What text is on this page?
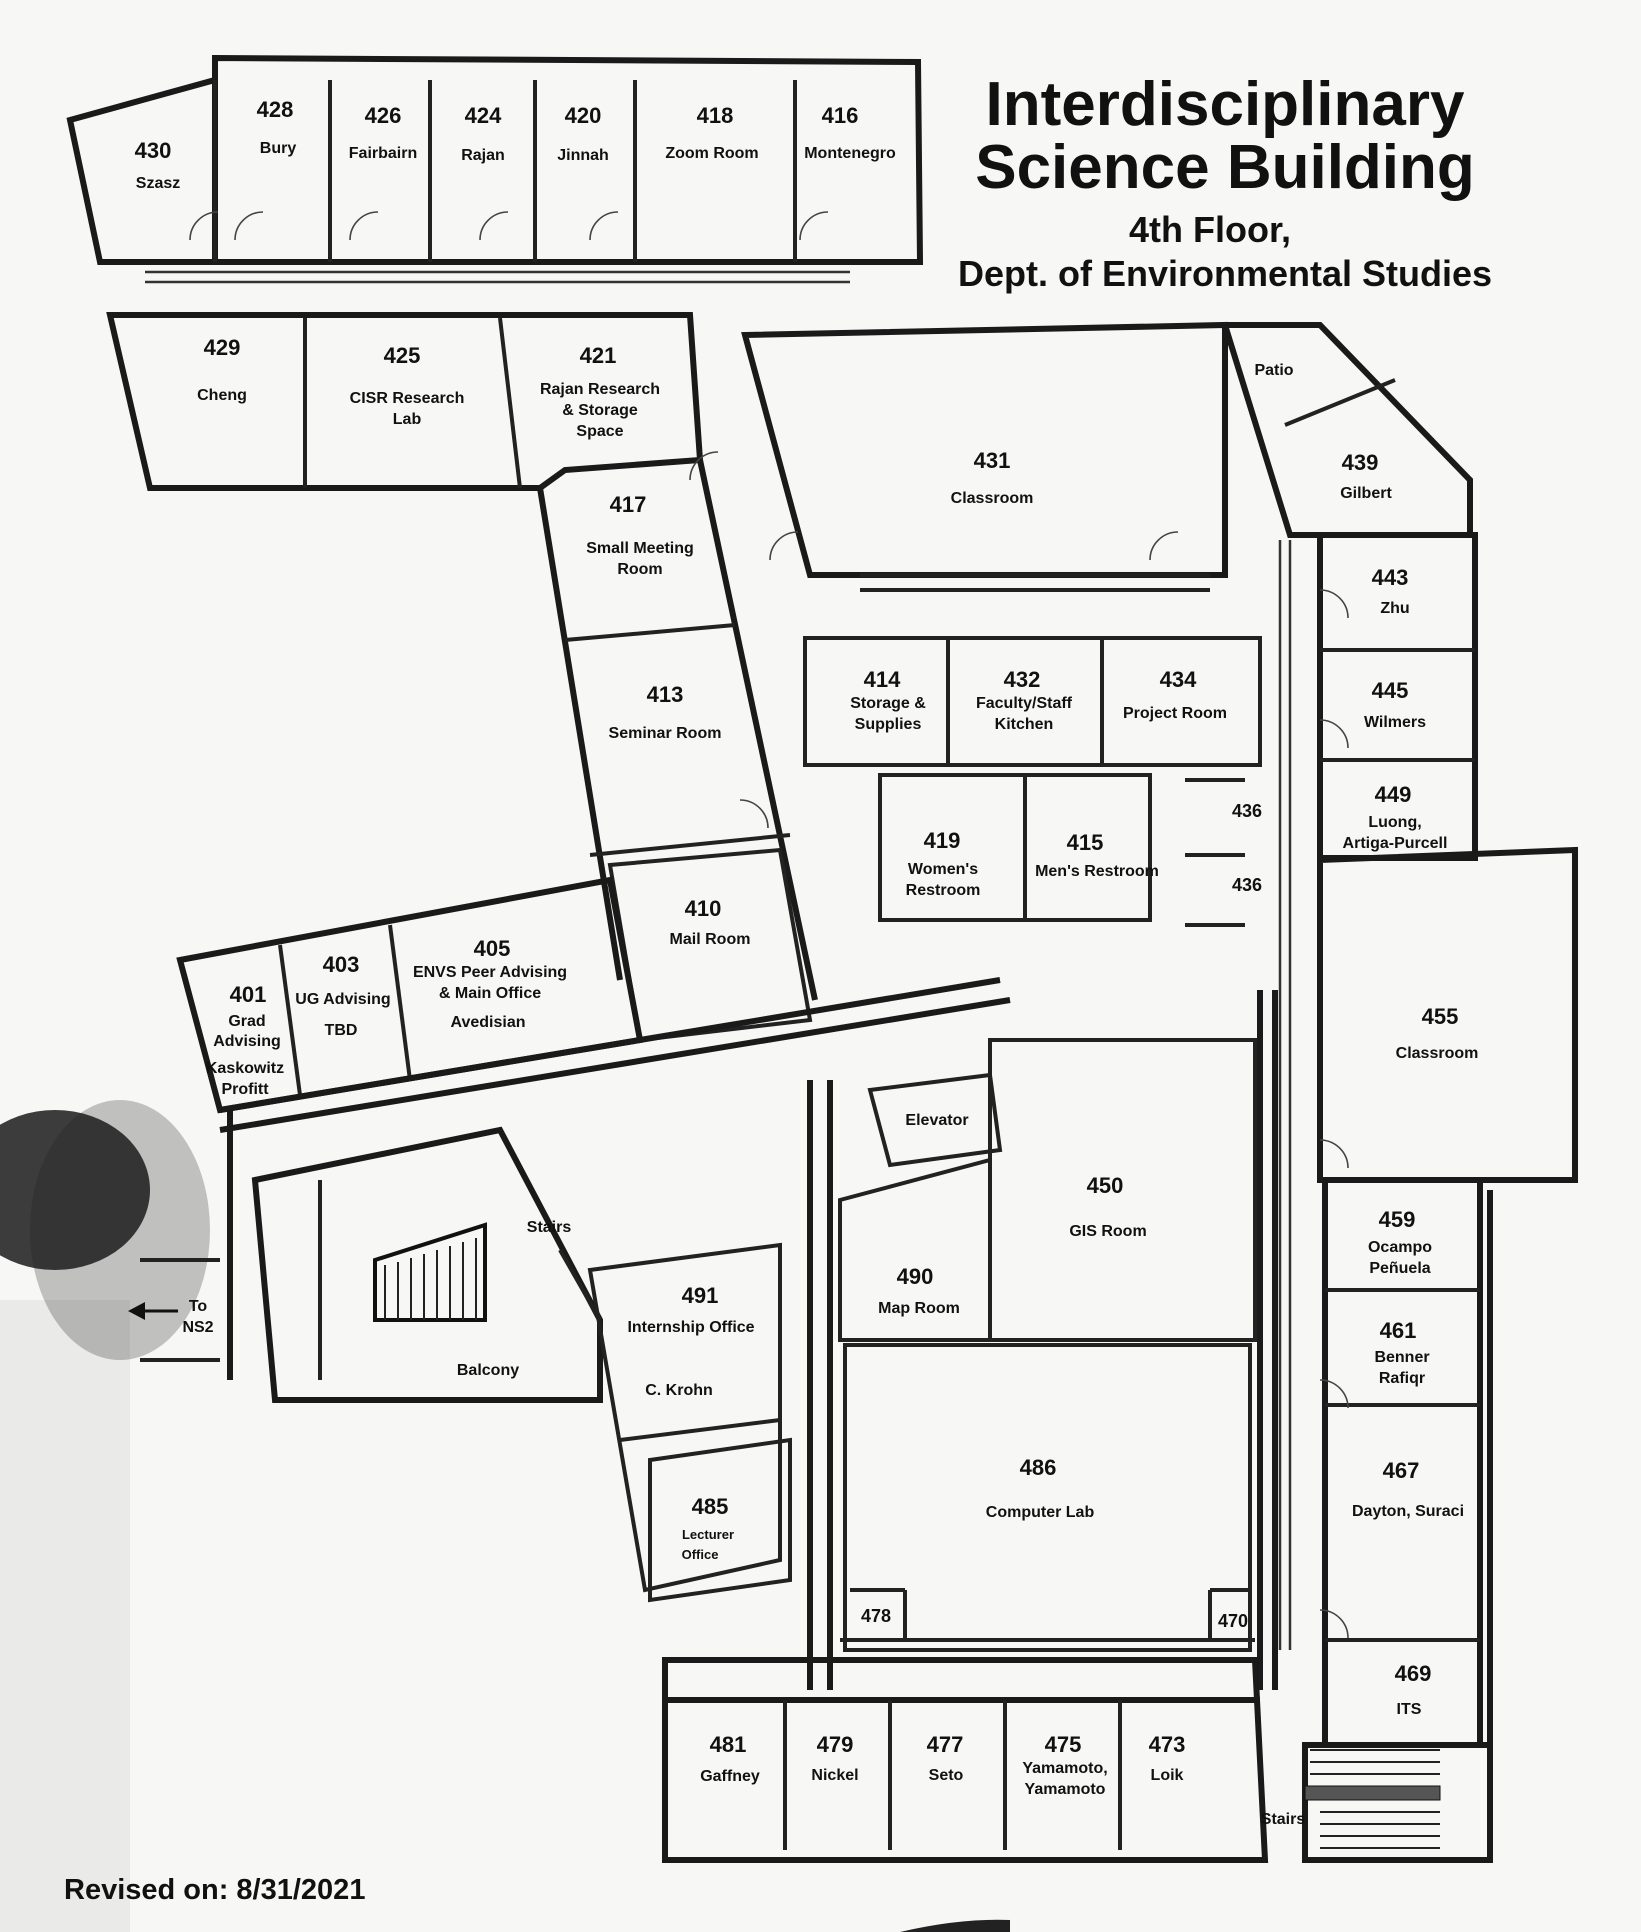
Interdisciplinary
Science Building
4th Floor,
Dept. of Environmental Studies
430
Szasz
428
Bury
426
Fairbairn
424
Rajan
420
Jinnah
418
Zoom Room
416
Montenegro
429
Cheng
425
CISR Research
Lab
421
Rajan Research
& Storage
Space
417
Small Meeting
Room
431
Classroom
Patio
439
Gilbert
443
Zhu
445
Wilmers
449
Luong,
Artiga-Purcell
413
Seminar Room
414
Storage &
Supplies
432
Faculty/Staff
Kitchen
434
Project Room
436
436
419
Women's
Restroom
415
Men's Restroom
410
Mail Room
405
ENVS Peer Advising
& Main Office
Avedisian
403
UG Advising
TBD
401
Grad
Advising
Kaskowitz
Profitt
455
Classroom
Elevator
450
GIS Room
Stairs
Balcony
To
NS2
490
Map Room
491
Internship Office
C. Krohn
459
Ocampo
Peñuela
461
Benner
Rafiqr
467
Dayton, Suraci
486
Computer Lab
485
Lecturer
Office
478	470
469
ITS
481
Gaffney
479
Nickel
477
Seto
475
Yamamoto,
Yamamoto
473
Loik
Stairs
Revised on: 8/31/2021
